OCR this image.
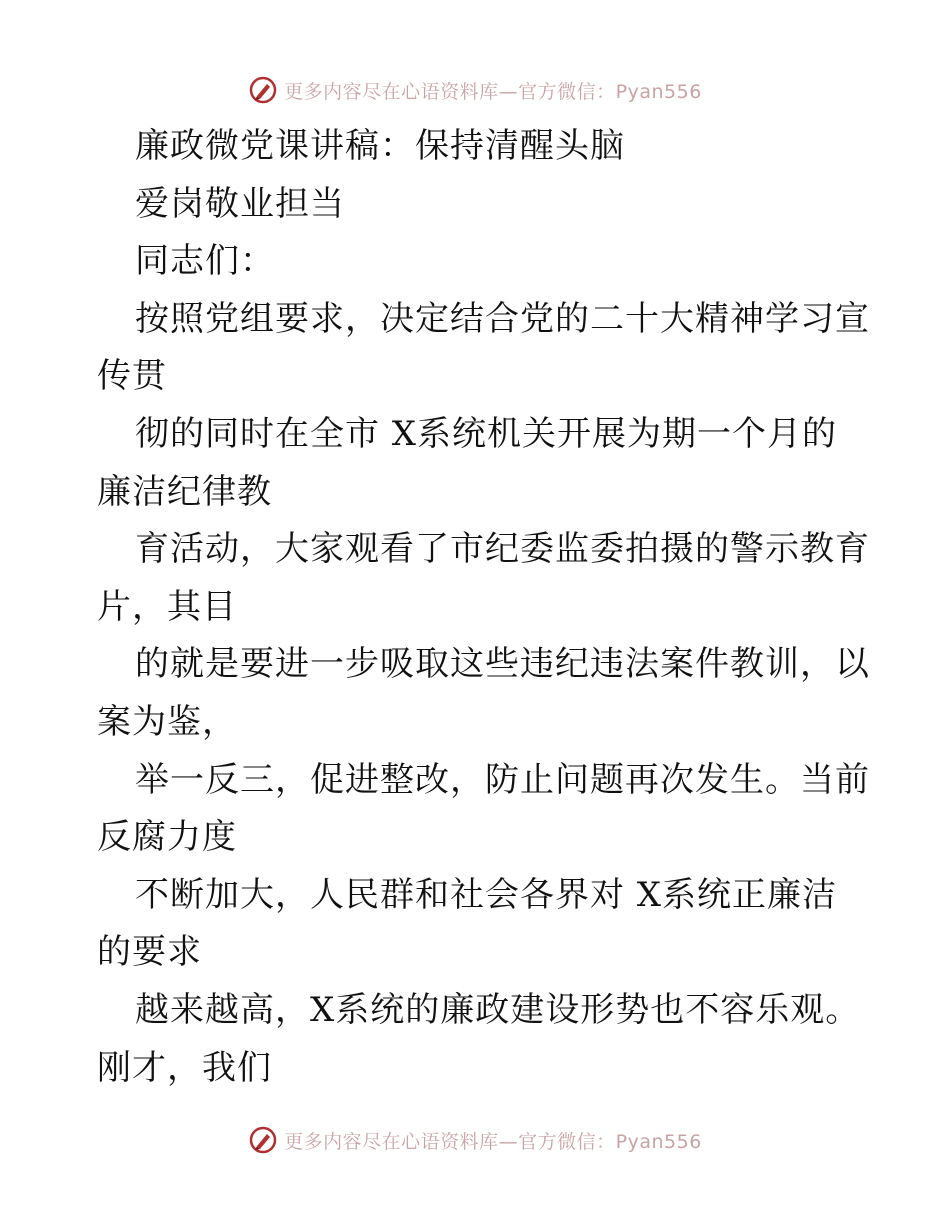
更多内容尽在心语资料库—官方微信：Pyan556
廉政微党课讲稿：保持清醒头脑
爱岗敬业担当
同志们：
按照党组要求，决定结合党的二十大精神学习宣
传贯
彻的同时在全市 X系统机关开展为期一个月的
廉洁纪律教
育活动，大家观看了市纪委监委拍摄的警示教育
片，其目
的就是要进一步吸取这些违纪违法案件教训，以
案为鉴，
举一反三，促进整改，防止问题再次发生。当前
反腐力度
不断加大，人民群和社会各界对 X系统正廉洁
的要求
越来越高，X系统的廉政建设形势也不容乐观。
刚才，我们
更多内容尽在心语资料库—官方微信：Pyan556
